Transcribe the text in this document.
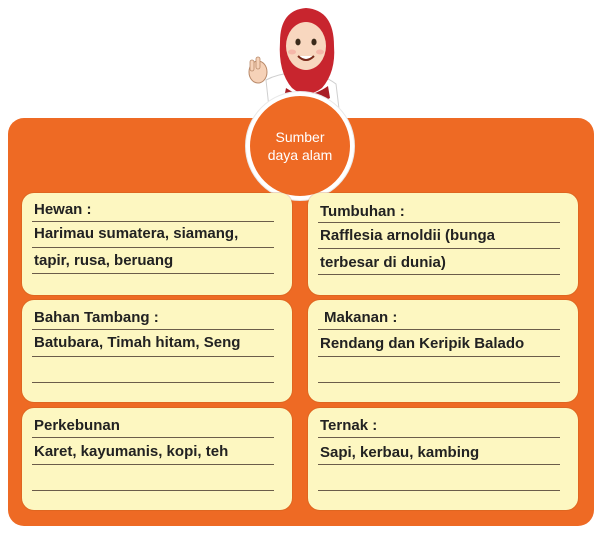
Sumber
daya alam
Hewan :
Harimau sumatera, siamang,
tapir, rusa, beruang
Tumbuhan :
Rafflesia arnoldii (bunga
terbesar di dunia)
Bahan Tambang :
Batubara, Timah hitam, Seng
Makanan :
Rendang dan Keripik Balado
Perkebunan
Karet, kayumanis, kopi, teh
Ternak :
Sapi, kerbau, kambing
